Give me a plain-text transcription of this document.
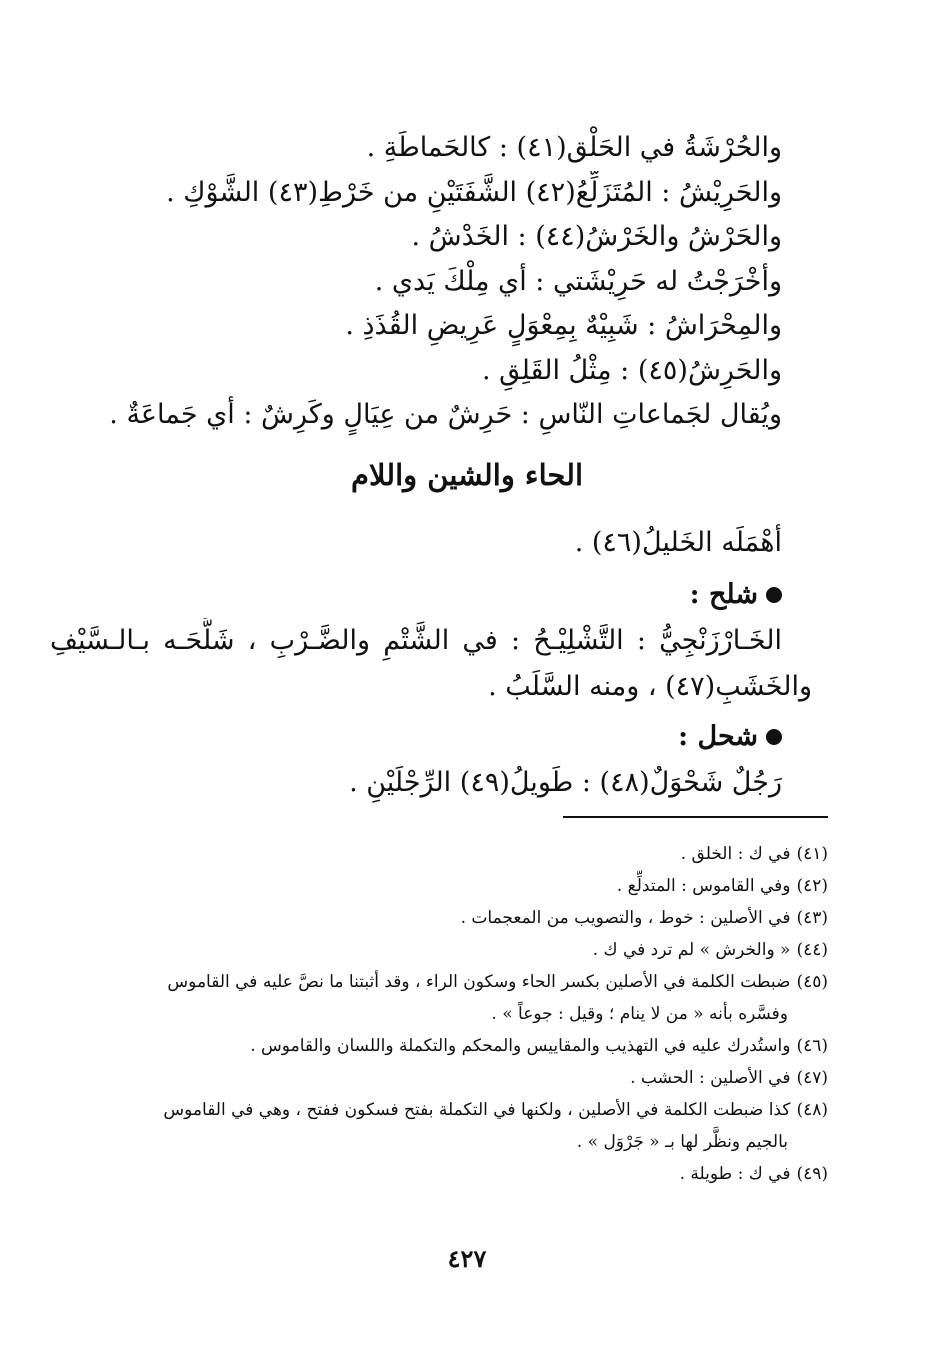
والحُرْشَةُ في الحَلْق(٤١) : كالحَماطَةِ .
والحَرِيْشُ : المُتَزَلِّعُ(٤٢) الشَّفَتَيْنِ من خَرْطِ(٤٣) الشَّوْكِ .
والحَرْشُ والخَرْشُ(٤٤) : الخَدْشُ .
وأخْرَجْتُ له حَرِيْشَتي : أي مِلْكَ يَدي .
والمِحْرَاشُ : شَبِيْهٌ بِمِعْوَلٍ عَرِيضِ القُذَذِ .
والحَرِشُ(٤٥) : مِثْلُ القَلِقِ .
ويُقال لجَماعاتِ النّاسِ : حَرِشٌ من عِيَالٍ وكَرِشٌ : أي جَماعَةٌ .
الحاء والشين واللام
أهْمَلَه الخَليلُ(٤٦) .
شلح :
الخَـارْزَنْجِيُّ : التَّشْلِيْـحُ : في الشَّتْمِ والضَّـرْبِ ، شَلَّحَـه بـالـسَّيْفِ
والخَشَبِ(٤٧) ، ومنه السَّلَبُ .
شحل :
رَجُلٌ شَحْوَلٌ(٤٨) : طَويلُ(٤٩) الرِّجْلَيْنِ .
(٤١)في ك : الخلق .
(٤٢)وفي القاموس : المتدلِّع .
(٤٣)في الأصلين : خوط ، والتصويب من المعجمات .
(٤٤)« والخرش » لم ترد في ك .
(٤٥)ضبطت الكلمة في الأصلين بكسر الحاء وسكون الراء ، وقد أثبتنا ما نصَّ عليه في القاموس
وفسَّره بأنه « من لا ينام ؛ وقيل : جوعاً » .
(٤٦)واستُدرك عليه في التهذيب والمقاييس والمحكم والتكملة واللسان والقاموس .
(٤٧)في الأصلين : الحشب .
(٤٨)كذا ضبطت الكلمة في الأصلين ، ولكنها في التكملة بفتح فسكون ففتح ، وهي في القاموس
بالجيم ونظَّر لها بـ « جَرْوَل » .
(٤٩)في ك : طويلة .
٤٢٧
